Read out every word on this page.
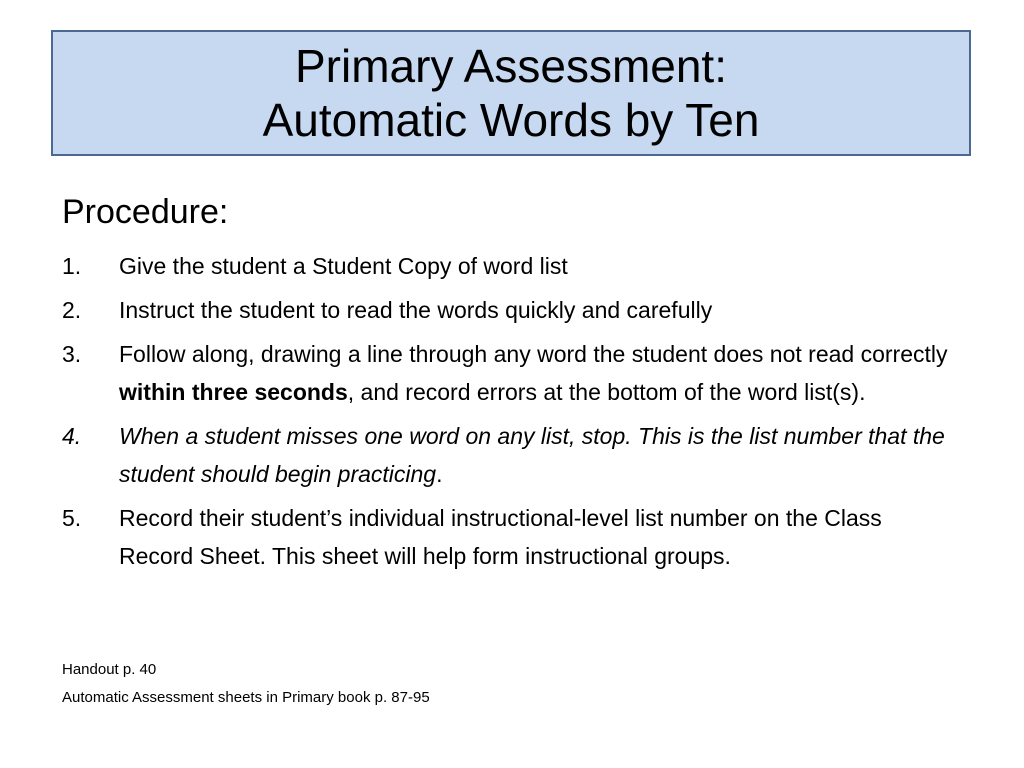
Primary Assessment:
Automatic Words by Ten
Procedure:
1.	Give the student a Student Copy of word list
2.	Instruct the student to read the words quickly and carefully
3.	Follow along, drawing a line through any word the student does not read correctly within three seconds, and record errors at the bottom of the word list(s).
4.	When a student misses one word on any list, stop. This is the list number that the student should begin practicing.
5.	Record their student’s individual instructional-level list number on the Class Record Sheet. This sheet will help form instructional groups.
Handout p. 40
Automatic Assessment sheets in Primary book p. 87-95
